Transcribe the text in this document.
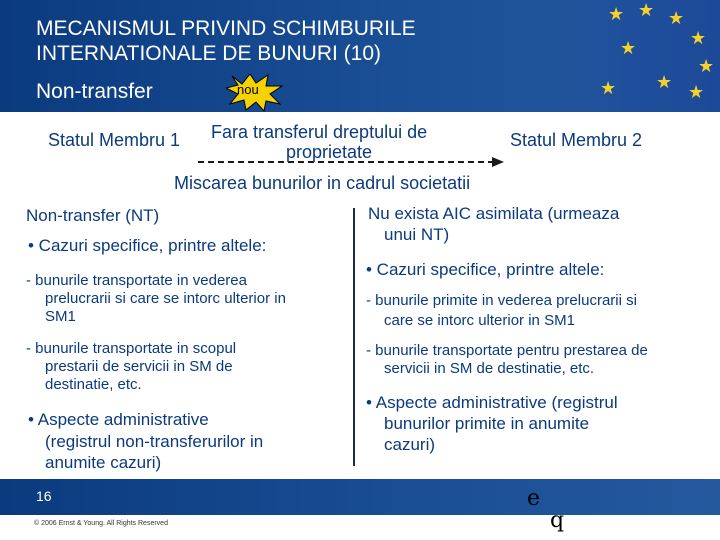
★ ★ ★
★
★
★
★
★ ★
MECANISMUL PRIVIND SCHIMBURILE
INTERNATIONALE DE BUNURI (10)
Non-transfer	nou
Statul Membru 1 Fara transferul dreptului de	Statul Membru 2
proprietate
Miscarea bunurilor in cadrul societatii
Non-transfer (NT)
• Cazuri specifice, printre altele:
- bunurile transportate in vederea
prelucrarii si care se intorc ulterior in
SM1
- bunurile transportate in scopul
prestarii de servicii in SM de
destinatie, etc.
• Aspecte administrative
(registrul non-transferurilor in
anumite cazuri)
Nu exista AIC asimilata (urmeaza
unui NT)
• Cazuri specifice, printre altele:
- bunurile primite in vederea prelucrarii si
care se intorc ulterior in SM1
- bunurile transportate pentru prestarea de
servicii in SM de destinatie, etc.
• Aspecte administrative (registrul
bunurilor primite in anumite
cazuri)
16
© 2006 Ernst & Young. All Rights Reserved
e
q
